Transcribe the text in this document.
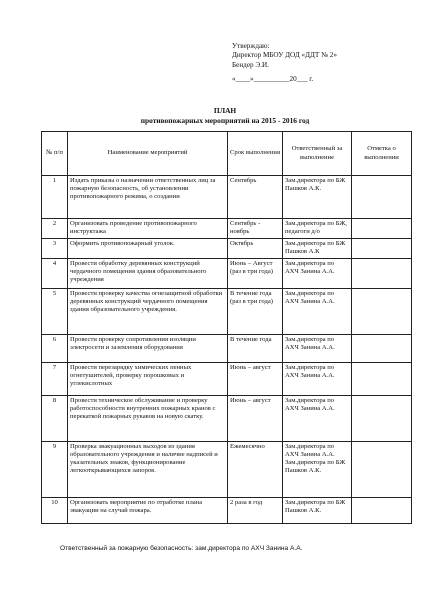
Утверждаю:
Директор МБОУ ДОД «ДДТ № 2»
Бендер Э.И.
«____»__________20___ г.
ПЛАН
противопожарных мероприятий на 2015 - 2016 год
№ п/п	Наименование мероприятий	Срок выполнения	Ответственный за выполнение	Отметка о выполнении
1	Издать приказы о назначении ответственных лиц за пожарную безопасность, об установлении противопожарного режима, о создании	Сентябрь	Зам.директора по БЖ Пашков А.К.	
2	Организовать проведение противопожарного инструктажа	Сентябрь - ноябрь	Зам.директора по БЖ, педагоги д/о	
3	Оформить противопожарный уголок.	Октябрь	Зам.директора по БЖ Пашков А.К	
4	Провести обработку деревянных конструкций чердачного помещения здания образовательного учреждения	Июнь – Август (раз в три года)	Зам.директора по АХЧ Занина А.А.	
5	Провести проверку качества огнезащитной обработки деревянных конструкций чердачного помещения здания образовательного учреждения.	В течение года (раз в три года)	Зам.директора по АХЧ Занина А.А.	
6	Провести проверку сопротивления изоляции электросети и заземления оборудования	В течение года	Зам.директора по АХЧ Занина А.А.	
7	Провести перезарядку химических пенных огнетушителей, проверку порошковых и углекислотных	Июнь – август	Зам.директора по АХЧ Занина А.А.	
8	Провести техническое обслуживание и проверку работоспособности внутренних пожарных кранов с перекаткой пожарных рукавов на новую скатку.	Июнь – август	Зам.директора по АХЧ Занина А.А.	
9	Проверка эвакуационных выходов из здания образовательного учреждения и наличие надписей и указательных знаков, функционирование легкооткрывающихся запоров.	Ежемесячно	Зам.директора по АХЧ Занина А.А. Зам.директора по БЖ Пашков А.К.	
10	Организовать мероприятие по отработке плана эвакуации на случай пожара.	2 раза в год	Зам.директора по БЖ Пашков А.К.	
Ответственный за пожарную безопасность: зам.директора по АХЧ Занина А.А.
